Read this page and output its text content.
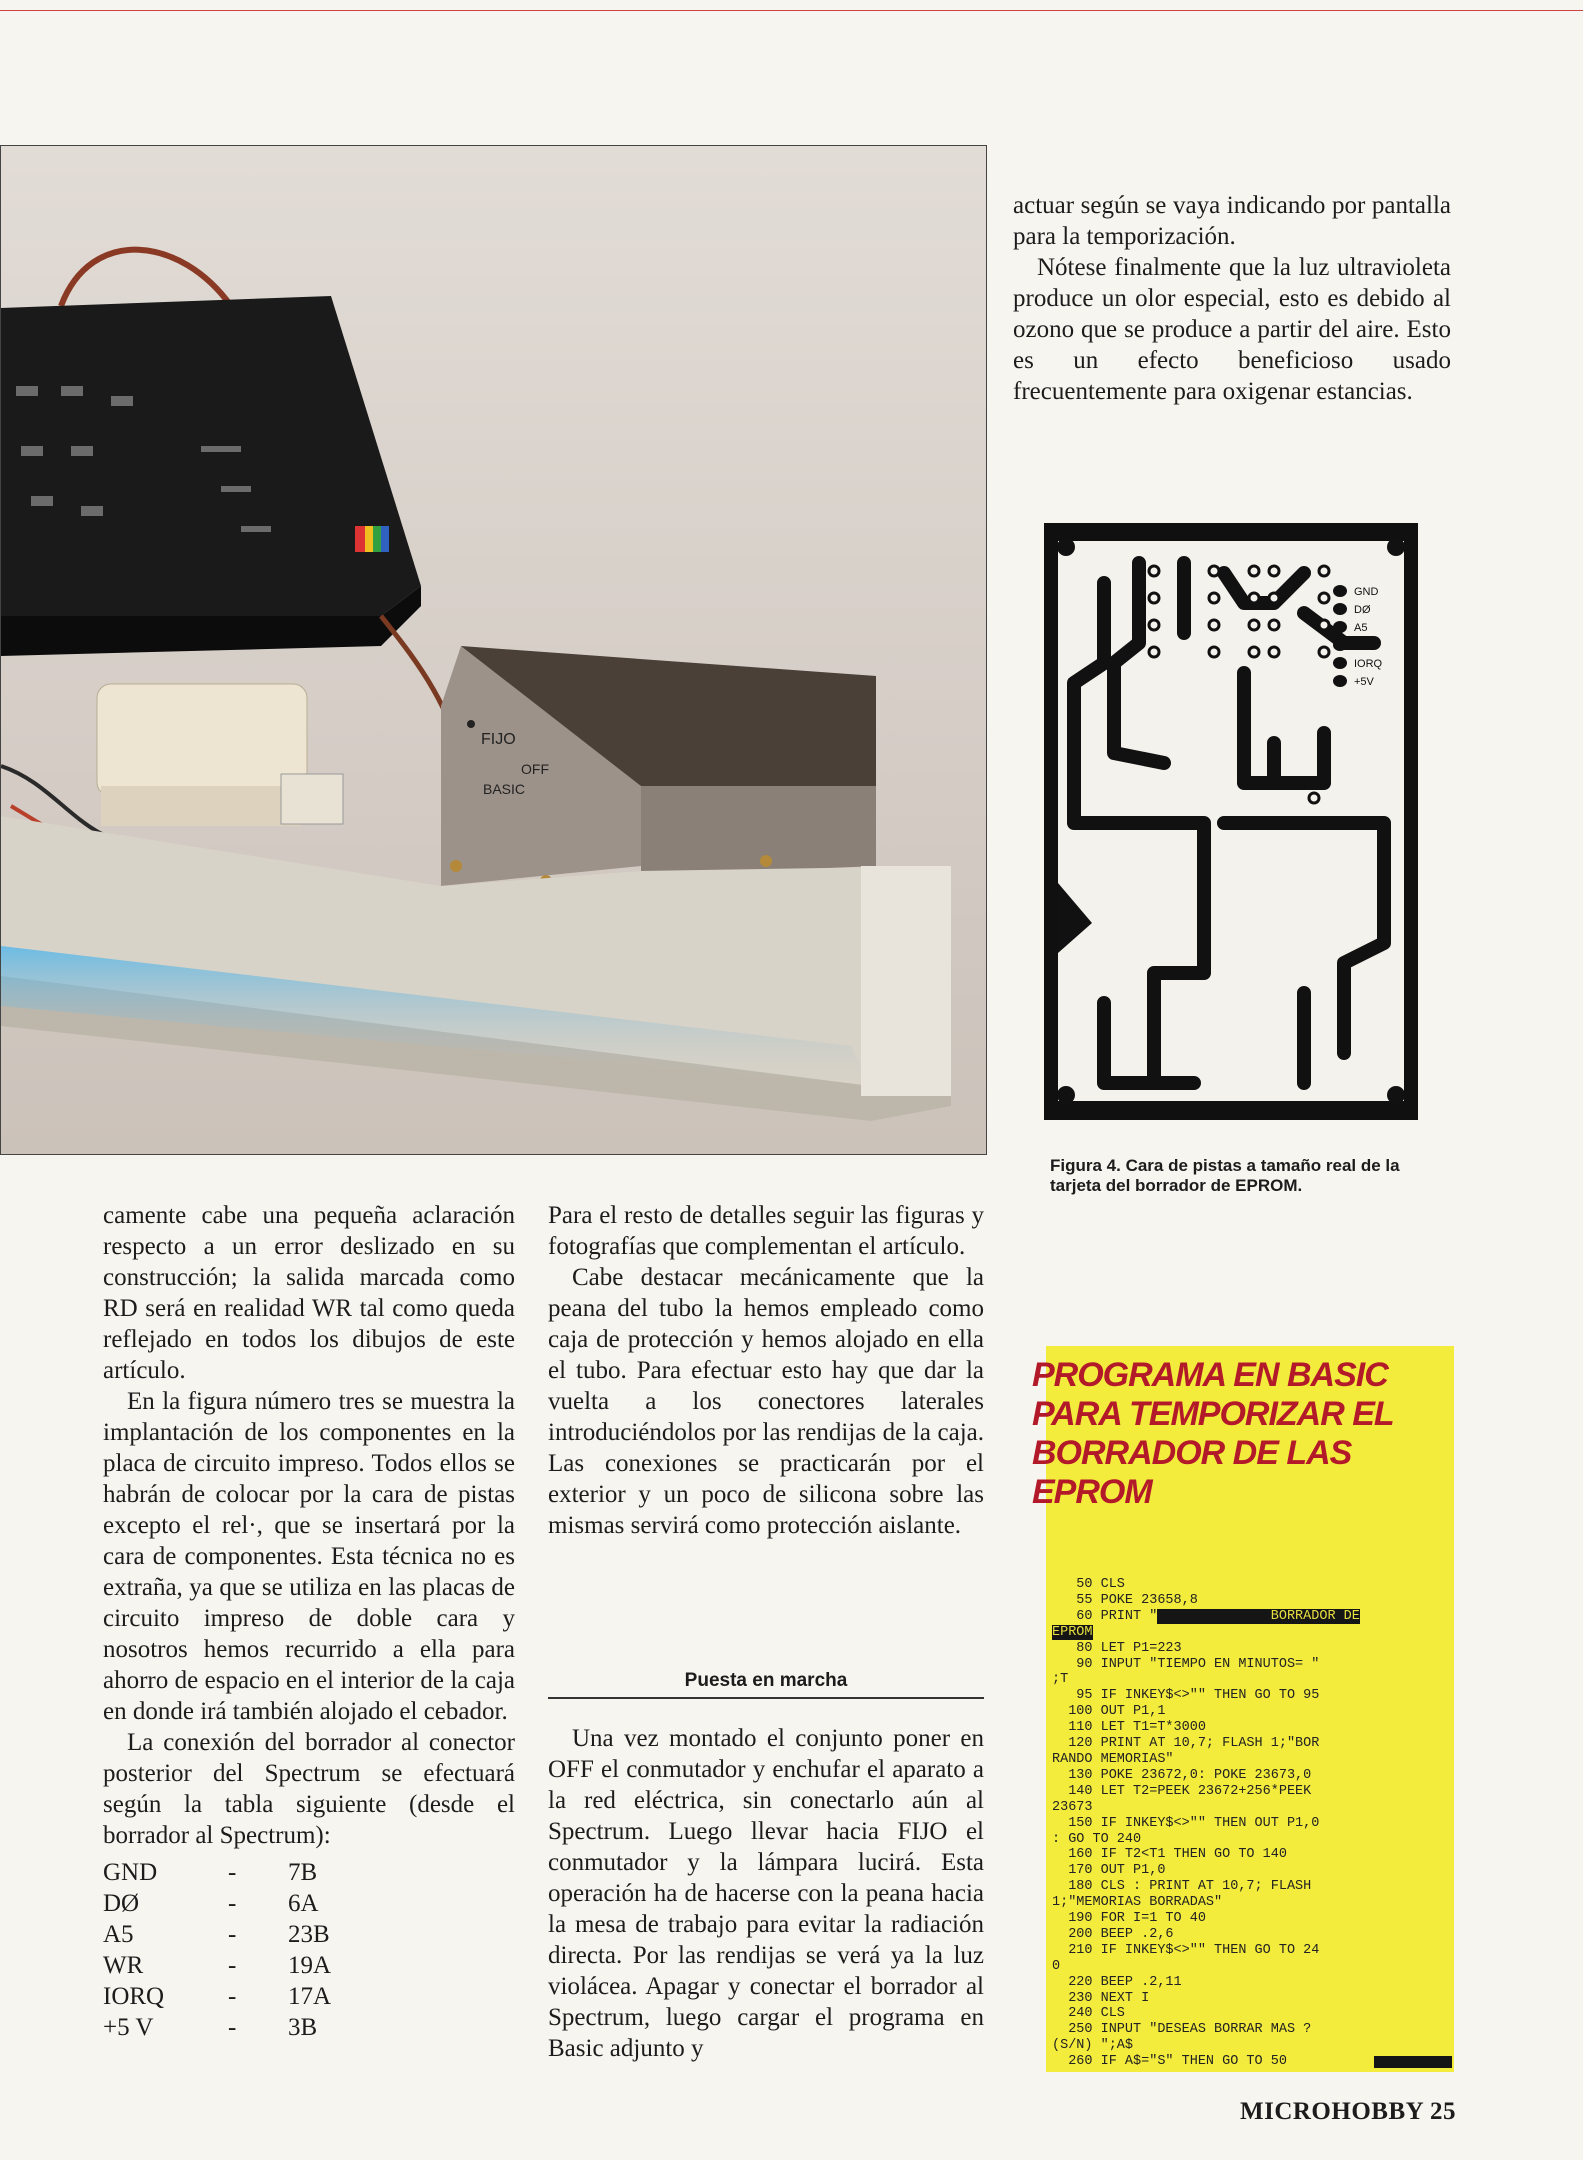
FIJO
OFF
BASIC

actuar según se vaya indicando por pantalla para la temporización.

Nótese finalmente que la luz ultravioleta produce un olor especial, esto es debido al ozono que se produce a partir del aire. Esto es un efecto beneficioso usado frecuentemente para oxigenar estancias.

GND
DØ
A5
WR
IORQ
+5V
Figura 4. Cara de pistas a tamaño real de la tarjeta del borrador de EPROM.

camente cabe una pequeña aclaración respecto a un error deslizado en su construcción; la salida marcada como RD será en realidad WR tal como queda reflejado en todos los dibujos de este artículo.

En la figura número tres se muestra la implantación de los componentes en la placa de circuito impreso. Todos ellos se habrán de colocar por la cara de pistas excepto el rel·, que se insertará por la cara de componentes. Esta técnica no es extraña, ya que se utiliza en las placas de circuito impreso de doble cara y nosotros hemos recurrido a ella para ahorro de espacio en el interior de la caja en donde irá también alojado el cebador.

La conexión del borrador al conector posterior del Spectrum se efectuará según la tabla siguiente (desde el borrador al Spectrum):

GND	-	7B
DØ	-	6A
A5	-	23B
WR	-	19A
IORQ	-	17A
+5 V	-	3B

Para el resto de detalles seguir las figuras y fotografías que complementan el artículo.

Cabe destacar mecánicamente que la peana del tubo la hemos empleado como caja de protección y hemos alojado en ella el tubo. Para efectuar esto hay que dar la vuelta a los conectores laterales introduciéndolos por las rendijas de la caja. Las conexiones se practicarán por el exterior y un poco de silicona sobre las mismas servirá como protección aislante.

Puesta en marcha

Una vez montado el conjunto poner en OFF el conmutador y enchufar el aparato a la red eléctrica, sin conectarlo aún al Spectrum. Luego llevar hacia FIJO el conmutador y la lámpara lucirá. Esta operación ha de hacerse con la peana hacia la mesa de trabajo para evitar la radiación directa. Por las rendijas se verá ya la luz violácea. Apagar y conectar el borrador al Spectrum, luego cargar el programa en Basic adjunto y

PROGRAMA EN BASIC PARA TEMPORIZAR EL BORRADOR DE LAS EPROM
50 CLS
55 POKE 23658,8
60 PRINT "	BORRADOR DE
EPROM
80 LET P1=223
90 INPUT "TIEMPO EN MINUTOS= "
;T
95 IF INKEY$<>"" THEN GO TO 95
100 OUT P1,1
110 LET T1=T*3000
120 PRINT AT 10,7; FLASH 1;"BOR
RANDO MEMORIAS"
130 POKE 23672,0: POKE 23673,0
140 LET T2=PEEK 23672+256*PEEK
23673
150 IF INKEY$<>"" THEN OUT P1,0
: GO TO 240
160 IF T2<T1 THEN GO TO 140
170 OUT P1,0
180 CLS : PRINT AT 10,7; FLASH
1;"MEMORIAS BORRADAS"
190 FOR I=1 TO 40
200 BEEP .2,6
210 IF INKEY$<>"" THEN GO TO 24
0
220 BEEP .2,11
230 NEXT I
240 CLS
250 INPUT "DESEAS BORRAR MAS ?
(S/N) ";A$
260 IF A$="S" THEN GO TO 50
MICROHOBBY 25
